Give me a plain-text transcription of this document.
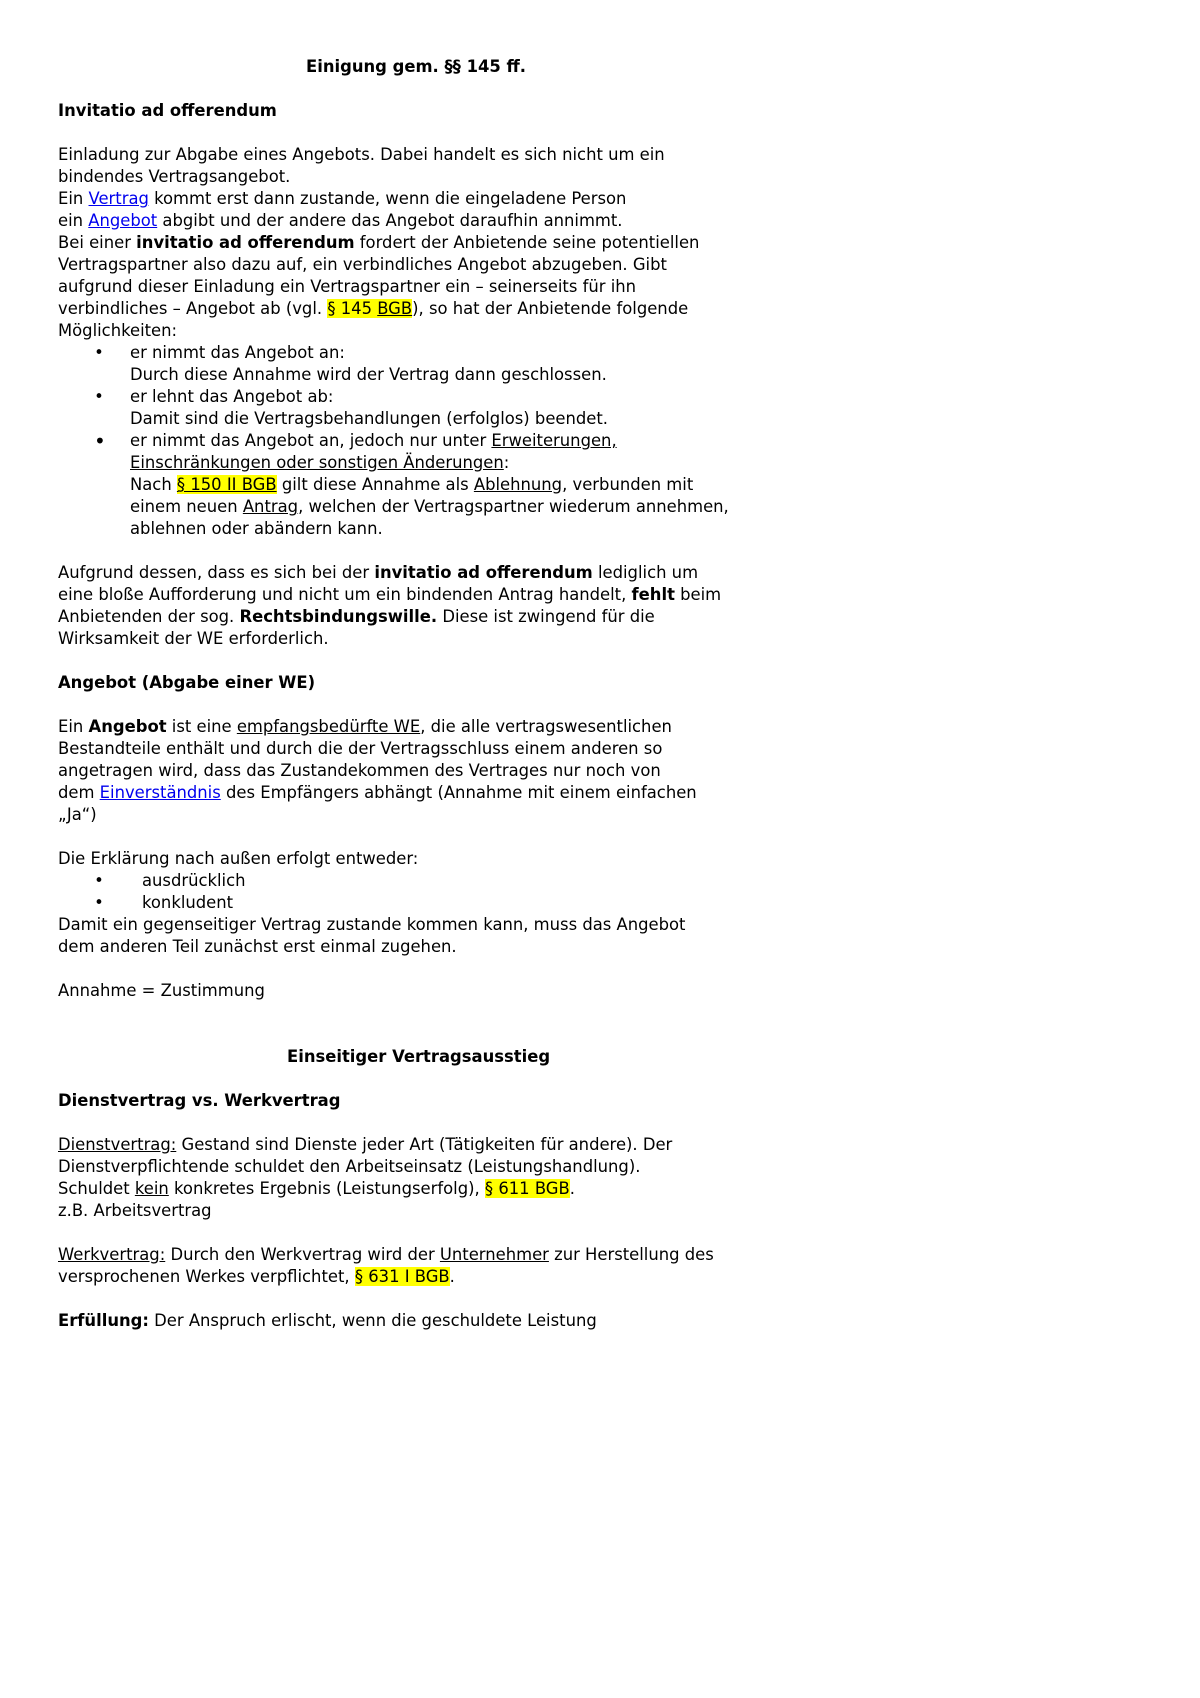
Einigung gem. §§ 145 ff.
Invitatio ad offerendum
Einladung zur Abgabe eines Angebots. Dabei handelt es sich nicht um ein
bindendes Vertragsangebot.
Ein Vertrag kommt erst dann zustande, wenn die eingeladene Person
ein Angebot abgibt und der andere das Angebot daraufhin annimmt.
Bei einer invitatio ad offerendum fordert der Anbietende seine potentiellen
Vertragspartner also dazu auf, ein verbindliches Angebot abzugeben. Gibt
aufgrund dieser Einladung ein Vertragspartner ein – seinerseits für ihn
verbindliches – Angebot ab (vgl. § 145 BGB), so hat der Anbietende folgende
Möglichkeiten:
• er nimmt das Angebot an:
Durch diese Annahme wird der Vertrag dann geschlossen.
• er lehnt das Angebot ab:
Damit sind die Vertragsbehandlungen (erfolglos) beendet.
• er nimmt das Angebot an, jedoch nur unter Erweiterungen,
Einschränkungen oder sonstigen Änderungen:
Nach § 150 II BGB gilt diese Annahme als Ablehnung, verbunden mit
einem neuen Antrag, welchen der Vertragspartner wiederum annehmen,
ablehnen oder abändern kann.
Aufgrund dessen, dass es sich bei der invitatio ad offerendum lediglich um
eine bloße Aufforderung und nicht um ein bindenden Antrag handelt, fehlt beim
Anbietenden der sog. Rechtsbindungswille. Diese ist zwingend für die
Wirksamkeit der WE erforderlich.
Angebot (Abgabe einer WE)
Ein Angebot ist eine empfangsbedürfte WE, die alle vertragswesentlichen
Bestandteile enthält und durch die der Vertragsschluss einem anderen so
angetragen wird, dass das Zustandekommen des Vertrages nur noch von
dem Einverständnis des Empfängers abhängt (Annahme mit einem einfachen
„Ja“)
Die Erklärung nach außen erfolgt entweder:
• ausdrücklich
• konkludent
Damit ein gegenseitiger Vertrag zustande kommen kann, muss das Angebot
dem anderen Teil zunächst erst einmal zugehen.
Annahme = Zustimmung
Einseitiger Vertragsausstieg
Dienstvertrag vs. Werkvertrag
Dienstvertrag: Gestand sind Dienste jeder Art (Tätigkeiten für andere). Der
Dienstverpflichtende schuldet den Arbeitseinsatz (Leistungshandlung).
Schuldet kein konkretes Ergebnis (Leistungserfolg), § 611 BGB.
z.B. Arbeitsvertrag
Werkvertrag: Durch den Werkvertrag wird der Unternehmer zur Herstellung des
versprochenen Werkes verpflichtet, § 631 I BGB.
Erfüllung: Der Anspruch erlischt, wenn die geschuldete Leistung
